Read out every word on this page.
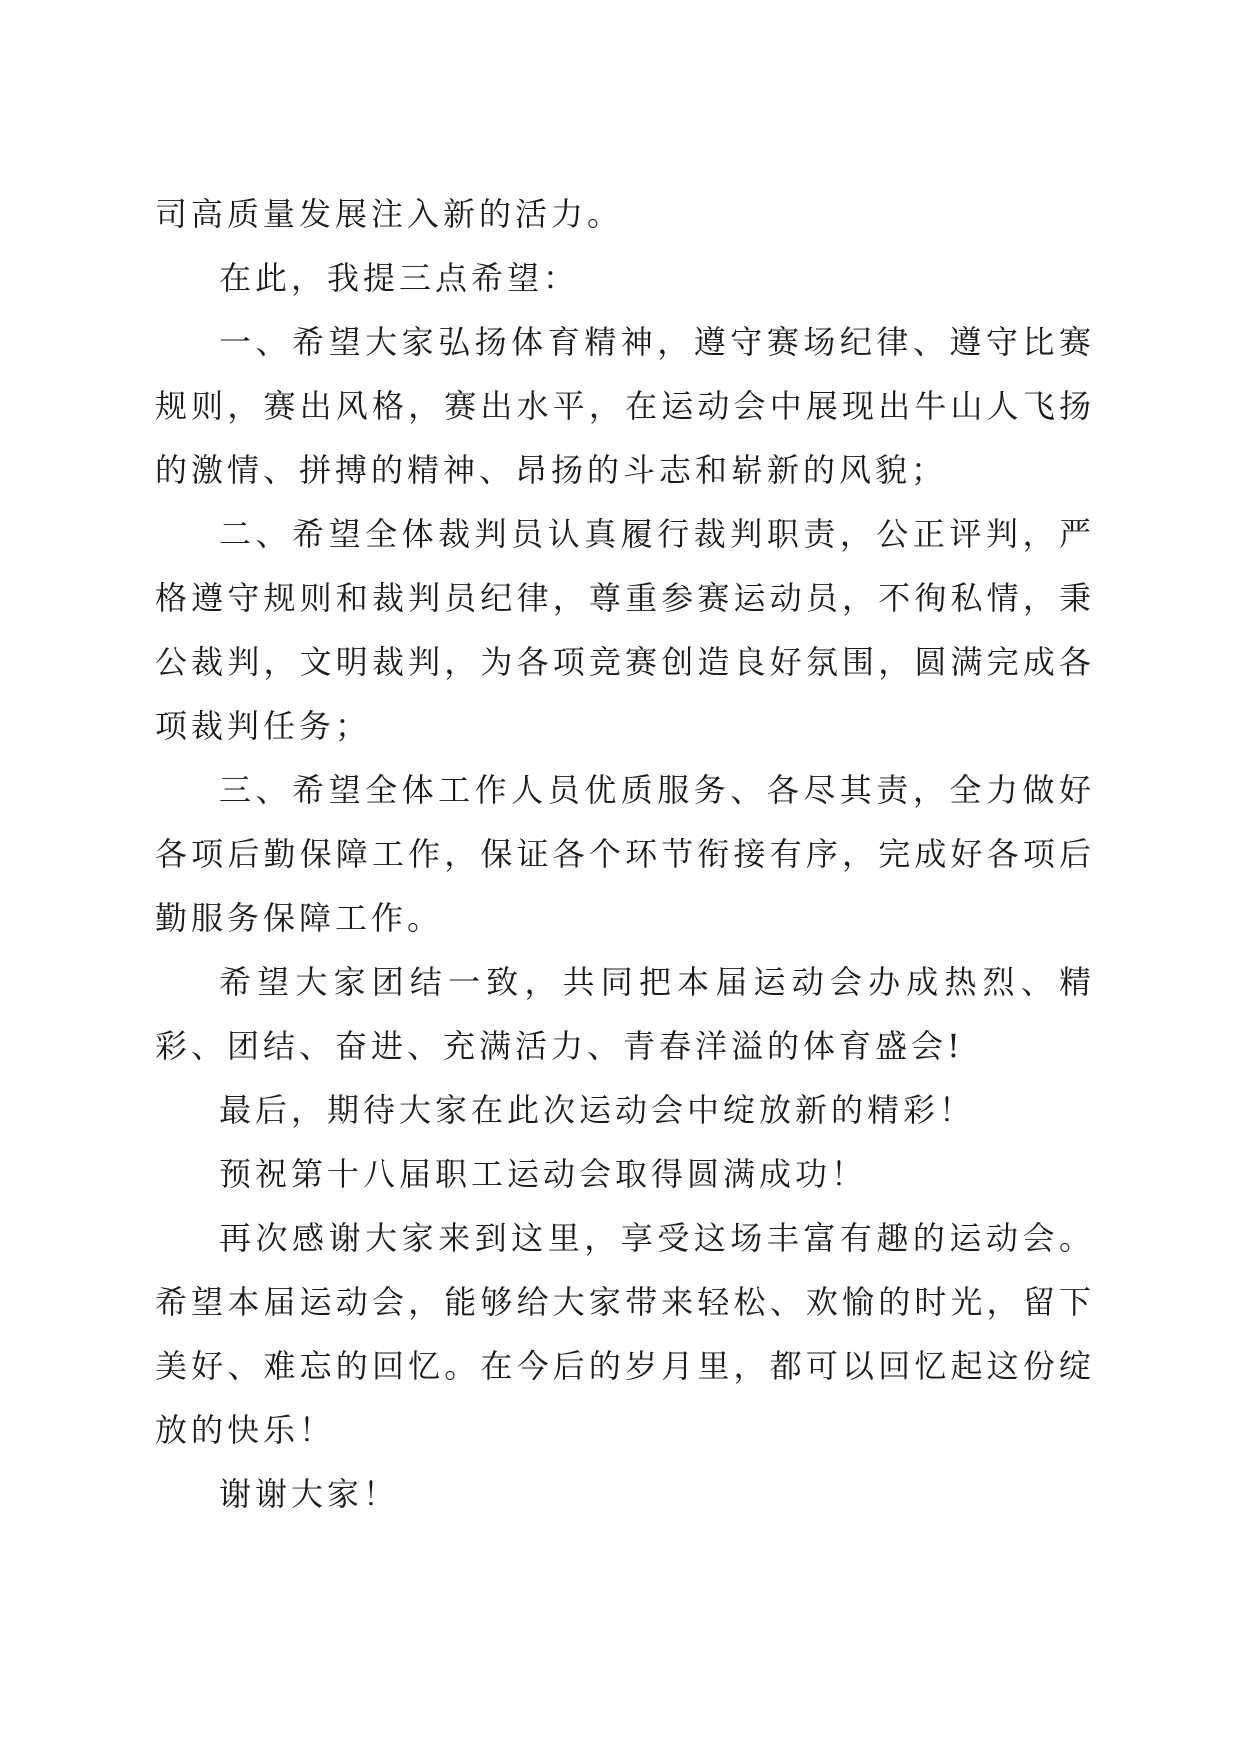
司高质量发展注入新的活力。

在此，我提三点希望：

一、希望大家弘扬体育精神，遵守赛场纪律、遵守比赛规则，赛出风格，赛出水平，在运动会中展现出牛山人飞扬的激情、拼搏的精神、昂扬的斗志和崭新的风貌；

二、希望全体裁判员认真履行裁判职责，公正评判，严格遵守规则和裁判员纪律，尊重参赛运动员，不徇私情，秉公裁判，文明裁判，为各项竞赛创造良好氛围，圆满完成各项裁判任务；

三、希望全体工作人员优质服务、各尽其责，全力做好各项后勤保障工作，保证各个环节衔接有序，完成好各项后勤服务保障工作。

希望大家团结一致，共同把本届运动会办成热烈、精彩、团结、奋进、充满活力、青春洋溢的体育盛会!

最后，期待大家在此次运动会中绽放新的精彩！

预祝第十八届职工运动会取得圆满成功！

再次感谢大家来到这里，享受这场丰富有趣的运动会。希望本届运动会，能够给大家带来轻松、欢愉的时光，留下美好、难忘的回忆。在今后的岁月里，都可以回忆起这份绽放的快乐！

谢谢大家！
